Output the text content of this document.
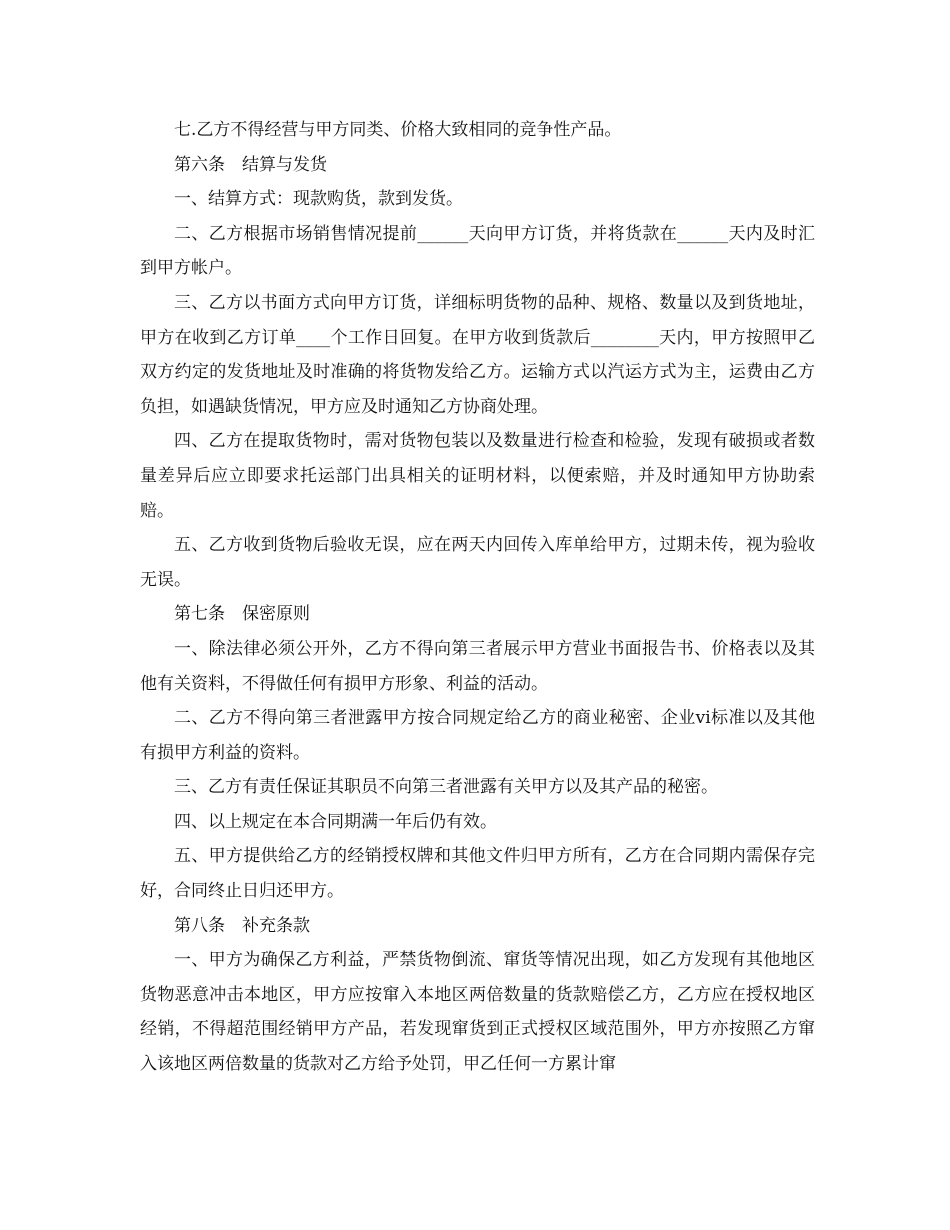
七.乙方不得经营与甲方同类、价格大致相同的竞争性产品。

第六条　结算与发货

一、结算方式：现款购货，款到发货。

二、乙方根据市场销售情况提前______天向甲方订货，并将货款在______天内及时汇到甲方帐户。

三、乙方以书面方式向甲方订货，详细标明货物的品种、规格、数量以及到货地址，甲方在收到乙方订单____个工作日回复。在甲方收到货款后________天内，甲方按照甲乙双方约定的发货地址及时准确的将货物发给乙方。运输方式以汽运方式为主，运费由乙方负担，如遇缺货情况，甲方应及时通知乙方协商处理。

四、乙方在提取货物时，需对货物包装以及数量进行检查和检验，发现有破损或者数量差异后应立即要求托运部门出具相关的证明材料，以便索赔，并及时通知甲方协助索赔。

五、乙方收到货物后验收无误，应在两天内回传入库单给甲方，过期未传，视为验收无误。

第七条　保密原则

一、除法律必须公开外，乙方不得向第三者展示甲方营业书面报告书、价格表以及其他有关资料，不得做任何有损甲方形象、利益的活动。

二、乙方不得向第三者泄露甲方按合同规定给乙方的商业秘密、企业vi标准以及其他有损甲方利益的资料。

三、乙方有责任保证其职员不向第三者泄露有关甲方以及其产品的秘密。

四、以上规定在本合同期满一年后仍有效。

五、甲方提供给乙方的经销授权牌和其他文件归甲方所有，乙方在合同期内需保存完好，合同终止日归还甲方。

第八条　补充条款

一、甲方为确保乙方利益，严禁货物倒流、窜货等情况出现，如乙方发现有其他地区货物恶意冲击本地区，甲方应按窜入本地区两倍数量的货款赔偿乙方，乙方应在授权地区经销，不得超范围经销甲方产品，若发现窜货到正式授权区域范围外，甲方亦按照乙方窜入该地区两倍数量的货款对乙方给予处罚，甲乙任何一方累计窜
